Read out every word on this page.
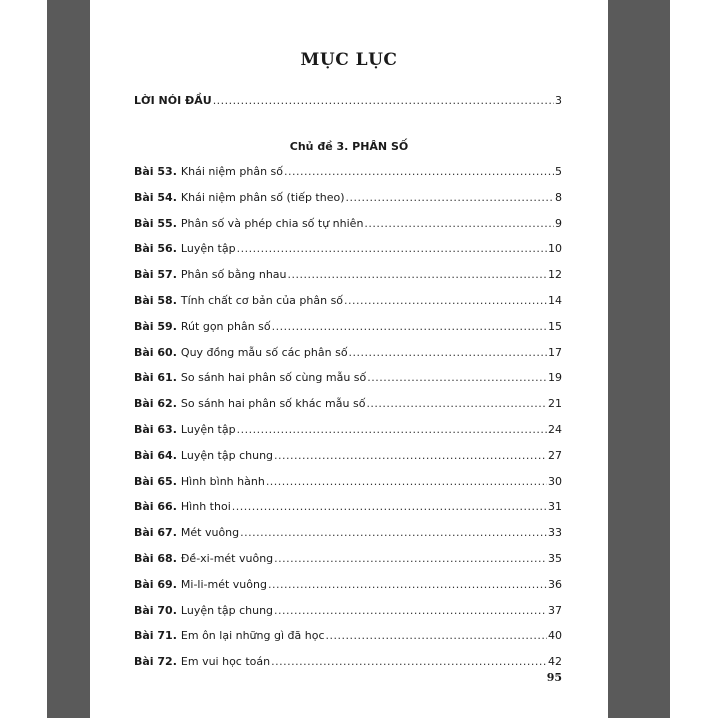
MỤC LỤC
LỜI NÓI ĐẦU .....	3
Chủ đề 3. PHÂN SỐ
Bài 53. Khái niệm phân số .....	5
Bài 54. Khái niệm phân số (tiếp theo) .....	8
Bài 55. Phân số và phép chia số tự nhiên .....	9
Bài 56. Luyện tập .....	10
Bài 57. Phân số bằng nhau .....	12
Bài 58. Tính chất cơ bản của phân số .....	14
Bài 59. Rút gọn phân số .....	15
Bài 60. Quy đồng mẫu số các phân số .....	17
Bài 61. So sánh hai phân số cùng mẫu số .....	19
Bài 62. So sánh hai phân số khác mẫu số .....	21
Bài 63. Luyện tập .....	24
Bài 64. Luyện tập chung .....	27
Bài 65. Hình bình hành .....	30
Bài 66. Hình thoi .....	31
Bài 67. Mét vuông .....	33
Bài 68. Đề-xi-mét vuông .....	35
Bài 69. Mi-li-mét vuông .....	36
Bài 70. Luyện tập chung .....	37
Bài 71. Em ôn lại những gì đã học .....	40
Bài 72. Em vui học toán .....	42
95
